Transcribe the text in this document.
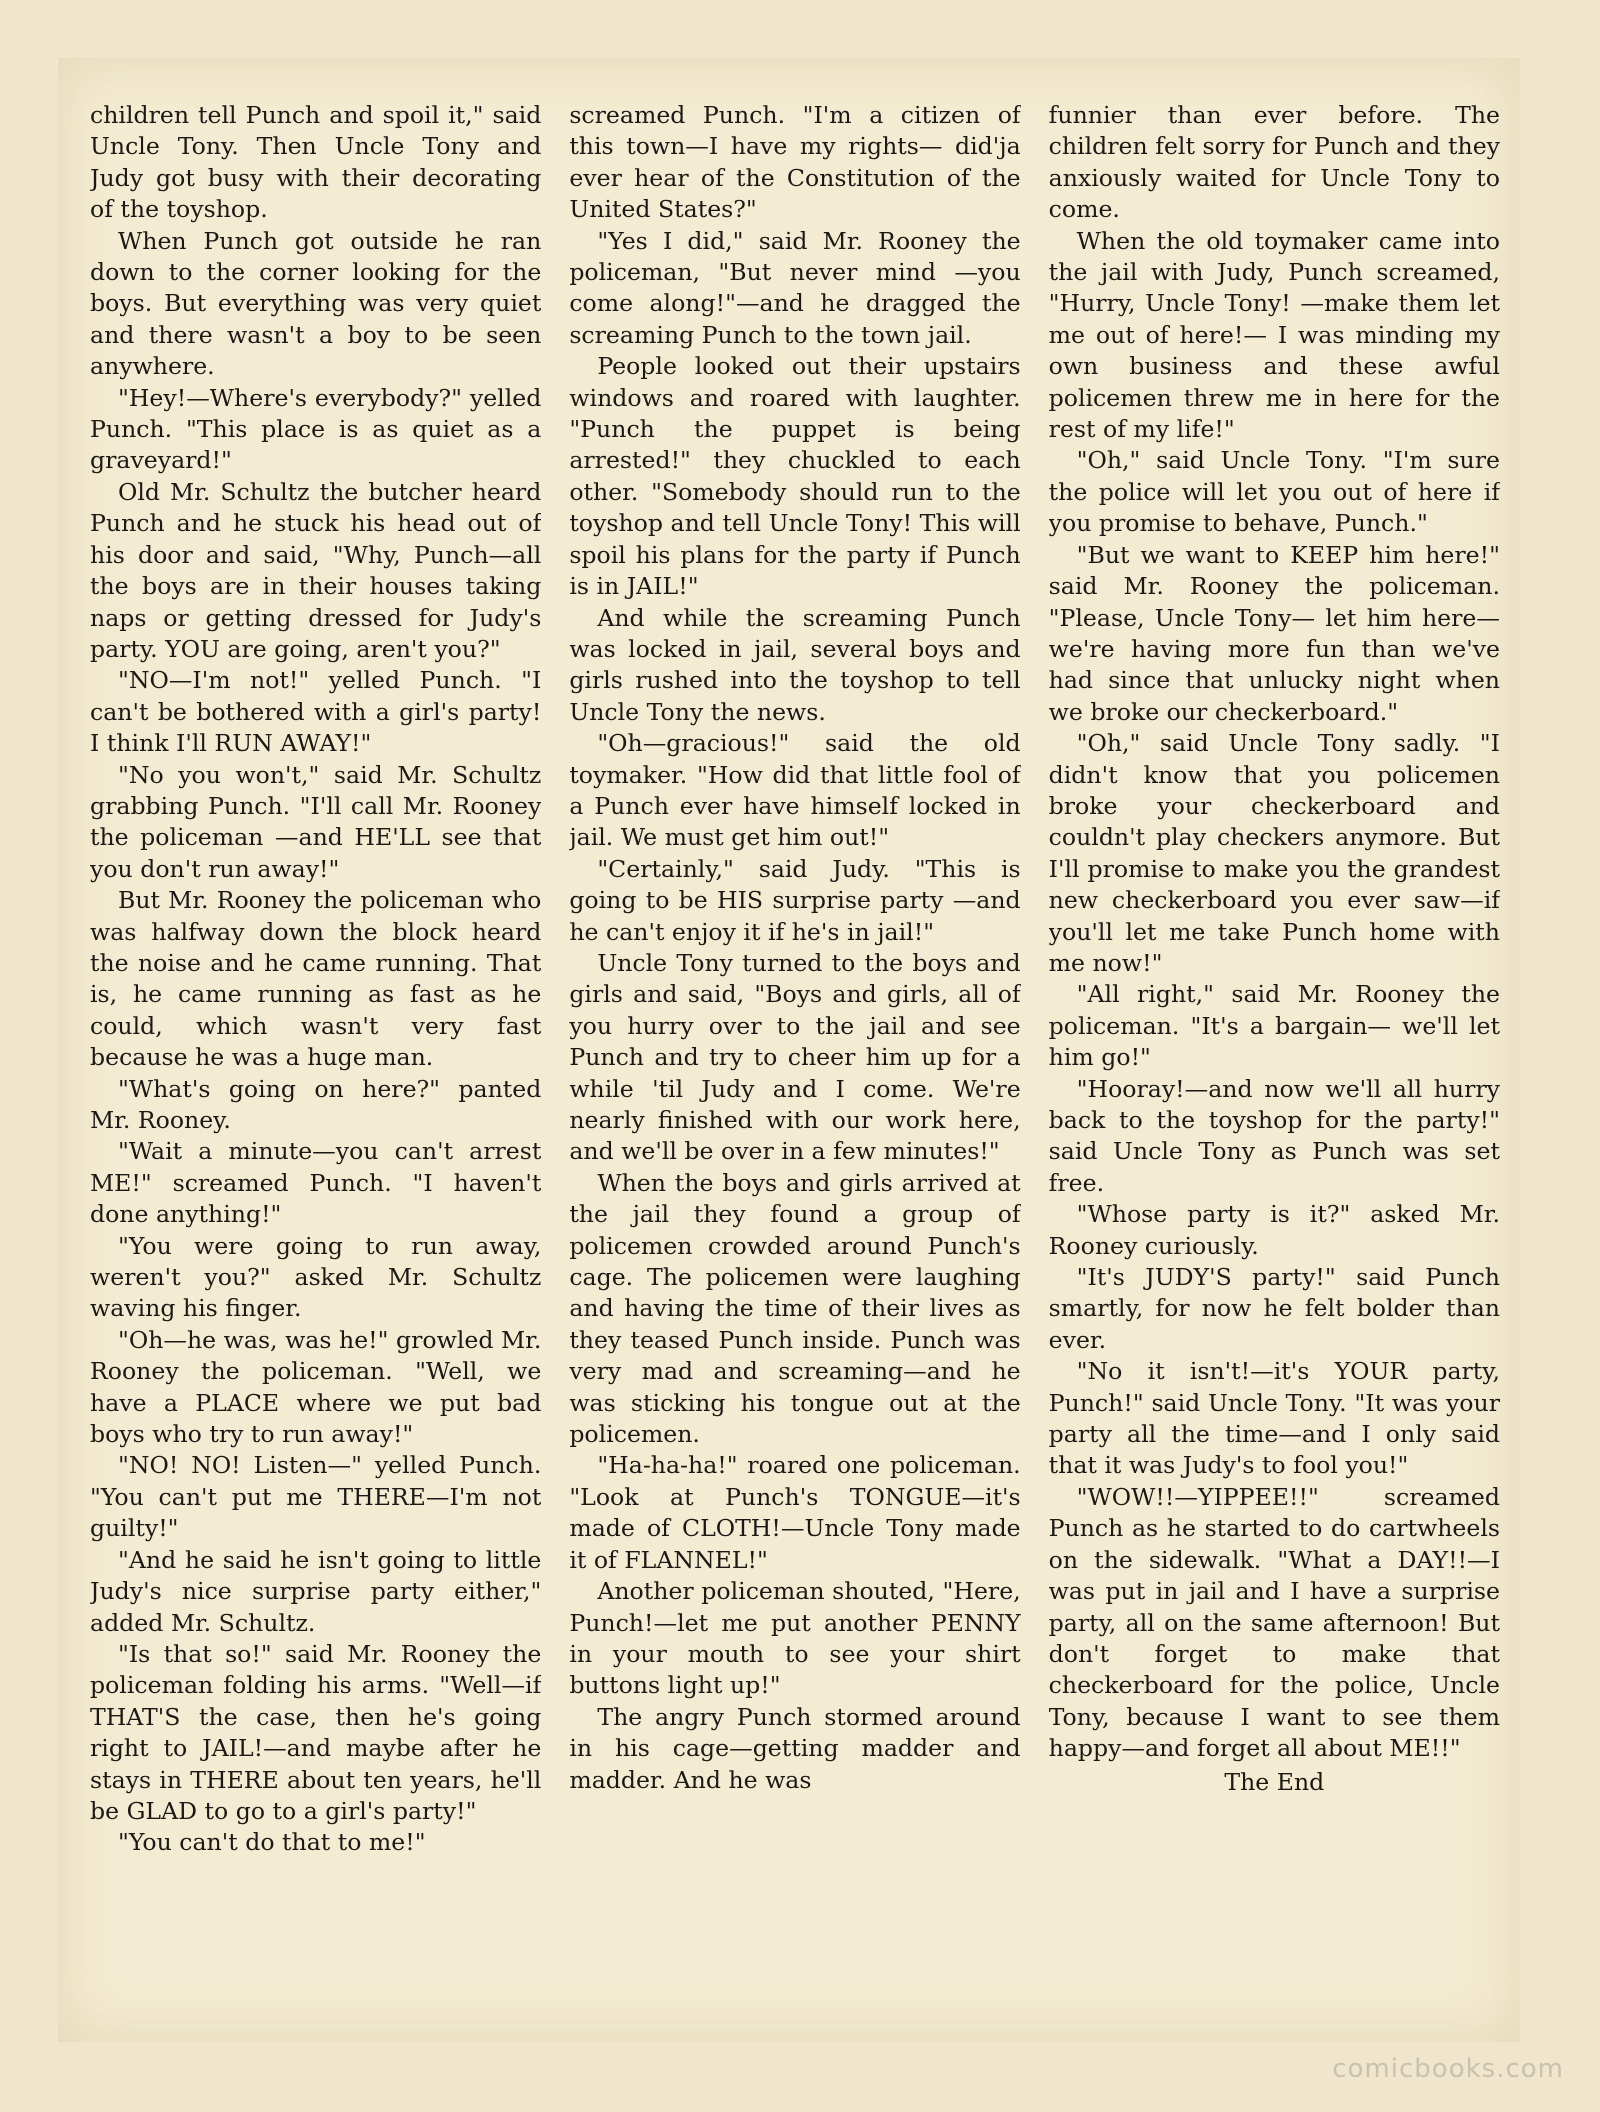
children tell Punch and spoil it," said Uncle Tony. Then Uncle Tony and Judy got busy with their decorating of the toyshop.

When Punch got outside he ran down to the corner looking for the boys. But everything was very quiet and there wasn't a boy to be seen anywhere.

"Hey!—Where's everybody?" yelled Punch. "This place is as quiet as a graveyard!"

Old Mr. Schultz the butcher heard Punch and he stuck his head out of his door and said, "Why, Punch—all the boys are in their houses taking naps or getting dressed for Judy's party. YOU are going, aren't you?"

"NO—I'm not!" yelled Punch. "I can't be bothered with a girl's party! I think I'll RUN AWAY!"

"No you won't," said Mr. Schultz grabbing Punch. "I'll call Mr. Rooney the policeman —and HE'LL see that you don't run away!"

But Mr. Rooney the policeman who was halfway down the block heard the noise and he came running. That is, he came running as fast as he could, which wasn't very fast because he was a huge man.

"What's going on here?" panted Mr. Rooney.

"Wait a minute—you can't arrest ME!" screamed Punch. "I haven't done anything!"

"You were going to run away, weren't you?" asked Mr. Schultz waving his finger.

"Oh—he was, was he!" growled Mr. Rooney the policeman. "Well, we have a PLACE where we put bad boys who try to run away!"

"NO! NO! Listen—" yelled Punch. "You can't put me THERE—I'm not guilty!"

"And he said he isn't going to little Judy's nice surprise party either," added Mr. Schultz.

"Is that so!" said Mr. Rooney the policeman folding his arms. "Well—if THAT'S the case, then he's going right to JAIL!—and maybe after he stays in THERE about ten years, he'll be GLAD to go to a girl's party!"

"You can't do that to me!"

screamed Punch. "I'm a citizen of this town—I have my rights— did'ja ever hear of the Constitution of the United States?"

"Yes I did," said Mr. Rooney the policeman, "But never mind —you come along!"—and he dragged the screaming Punch to the town jail.

People looked out their upstairs windows and roared with laughter. "Punch the puppet is being arrested!" they chuckled to each other. "Somebody should run to the toyshop and tell Uncle Tony! This will spoil his plans for the party if Punch is in JAIL!"

And while the screaming Punch was locked in jail, several boys and girls rushed into the toyshop to tell Uncle Tony the news.

"Oh—gracious!" said the old toymaker. "How did that little fool of a Punch ever have himself locked in jail. We must get him out!"

"Certainly," said Judy. "This is going to be HIS surprise party —and he can't enjoy it if he's in jail!"

Uncle Tony turned to the boys and girls and said, "Boys and girls, all of you hurry over to the jail and see Punch and try to cheer him up for a while 'til Judy and I come. We're nearly finished with our work here, and we'll be over in a few minutes!"

When the boys and girls arrived at the jail they found a group of policemen crowded around Punch's cage. The policemen were laughing and having the time of their lives as they teased Punch inside. Punch was very mad and screaming—and he was sticking his tongue out at the policemen.

"Ha-ha-ha!" roared one policeman. "Look at Punch's TONGUE—it's made of CLOTH!—Uncle Tony made it of FLANNEL!"

Another policeman shouted, "Here, Punch!—let me put another PENNY in your mouth to see your shirt buttons light up!"

The angry Punch stormed around in his cage—getting madder and madder. And he was

funnier than ever before. The children felt sorry for Punch and they anxiously waited for Uncle Tony to come.

When the old toymaker came into the jail with Judy, Punch screamed, "Hurry, Uncle Tony! —make them let me out of here!— I was minding my own business and these awful policemen threw me in here for the rest of my life!"

"Oh," said Uncle Tony. "I'm sure the police will let you out of here if you promise to behave, Punch."

"But we want to KEEP him here!" said Mr. Rooney the policeman. "Please, Uncle Tony— let him here—we're having more fun than we've had since that unlucky night when we broke our checkerboard."

"Oh," said Uncle Tony sadly. "I didn't know that you policemen broke your checkerboard and couldn't play checkers anymore. But I'll promise to make you the grandest new checkerboard you ever saw—if you'll let me take Punch home with me now!"

"All right," said Mr. Rooney the policeman. "It's a bargain— we'll let him go!"

"Hooray!—and now we'll all hurry back to the toyshop for the party!" said Uncle Tony as Punch was set free.

"Whose party is it?" asked Mr. Rooney curiously.

"It's JUDY'S party!" said Punch smartly, for now he felt bolder than ever.

"No it isn't!—it's YOUR party, Punch!" said Uncle Tony. "It was your party all the time—and I only said that it was Judy's to fool you!"

"WOW!!—YIPPEE!!" screamed Punch as he started to do cartwheels on the sidewalk. "What a DAY!!—I was put in jail and I have a surprise party, all on the same afternoon! But don't forget to make that checkerboard for the police, Uncle Tony, because I want to see them happy—and forget all about ME!!"

The End

comicbooks.com
